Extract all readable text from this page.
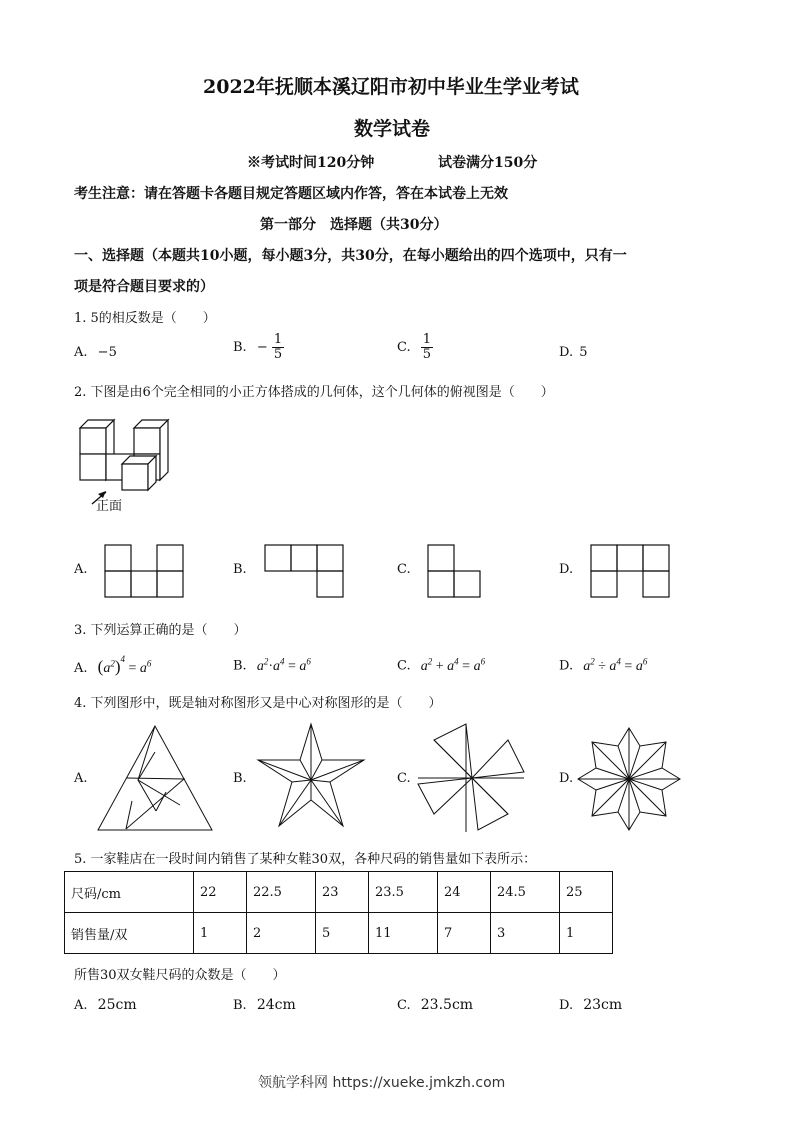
2022年抚顺本溪辽阳市初中毕业生学业考试
数学试卷
※考试时间120分钟	试卷满分150分
考生注意：请在答题卡各题目规定答题区域内作答，答在本试卷上无效
第一部分　选择题（共30分）
一、选择题（本题共10小题，每小题3分，共30分，在每小题给出的四个选项中，只有一
项是符合题目要求的）
1. 5的相反数是（　　）
A. −5	B. − $\frac{1}{5}$	C. $\frac{1}{5}$	D. 5
2. 下图是由6个完全相同的小正方体搭成的几何体，这个几何体的俯视图是（　　）
正面
A.	B.	C.	D.
3. 下列运算正确的是（　　）
A. $(a^2)^4 = a^6$	B. $a^2\cdot a^4 = a^6$	C. $a^2 + a^4 = a^6$	D. $a^2 \div a^4 = a^6$
4. 下列图形中，既是轴对称图形又是中心对称图形的是（　　）
A.	B.	C.	D.
5. 一家鞋店在一段时间内销售了某种女鞋30双，各种尺码的销售量如下表所示：
尺码/cm	22	22.5	23	23.5	24	24.5	25
销售量/双	1	2	5	11	7	3	1
所售30双女鞋尺码的众数是（　　）
A. 25cm	B. 24cm	C. 23.5cm	D. 23cm
领航学科网 https://xueke.jmkzh.com
